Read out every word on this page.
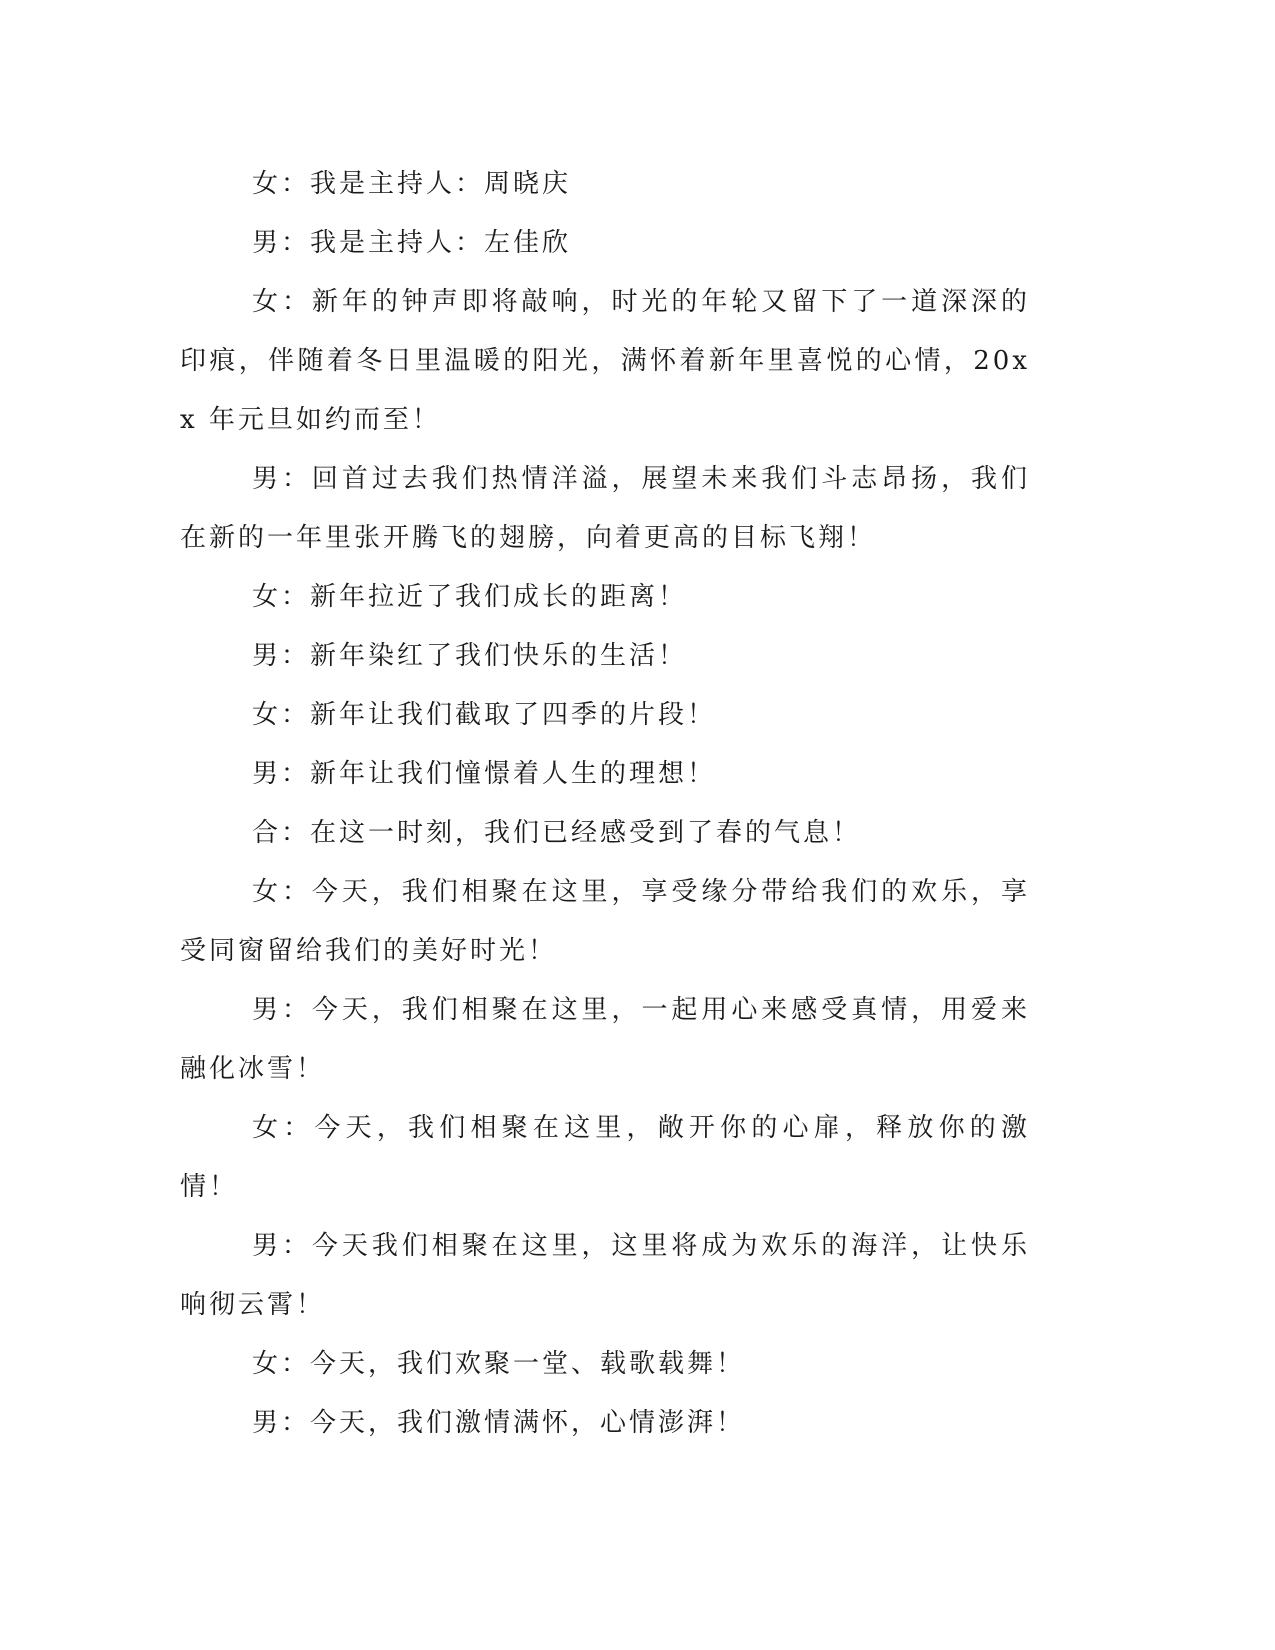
女：我是主持人：周晓庆

男：我是主持人：左佳欣

女：新年的钟声即将敲响，时光的年轮又留下了一道深深的印痕，伴随着冬日里温暖的阳光，满怀着新年里喜悦的心情，20xx 年元旦如约而至！

男：回首过去我们热情洋溢，展望未来我们斗志昂扬，我们在新的一年里张开腾飞的翅膀，向着更高的目标飞翔！

女：新年拉近了我们成长的距离！

男：新年染红了我们快乐的生活！

女：新年让我们截取了四季的片段！

男：新年让我们憧憬着人生的理想！

合：在这一时刻，我们已经感受到了春的气息！

女：今天，我们相聚在这里，享受缘分带给我们的欢乐，享受同窗留给我们的美好时光！

男：今天，我们相聚在这里，一起用心来感受真情，用爱来融化冰雪！

女：今天，我们相聚在这里，敞开你的心扉，释放你的激情！

男：今天我们相聚在这里，这里将成为欢乐的海洋，让快乐响彻云霄！

女：今天，我们欢聚一堂、载歌载舞！

男：今天，我们激情满怀，心情澎湃！
